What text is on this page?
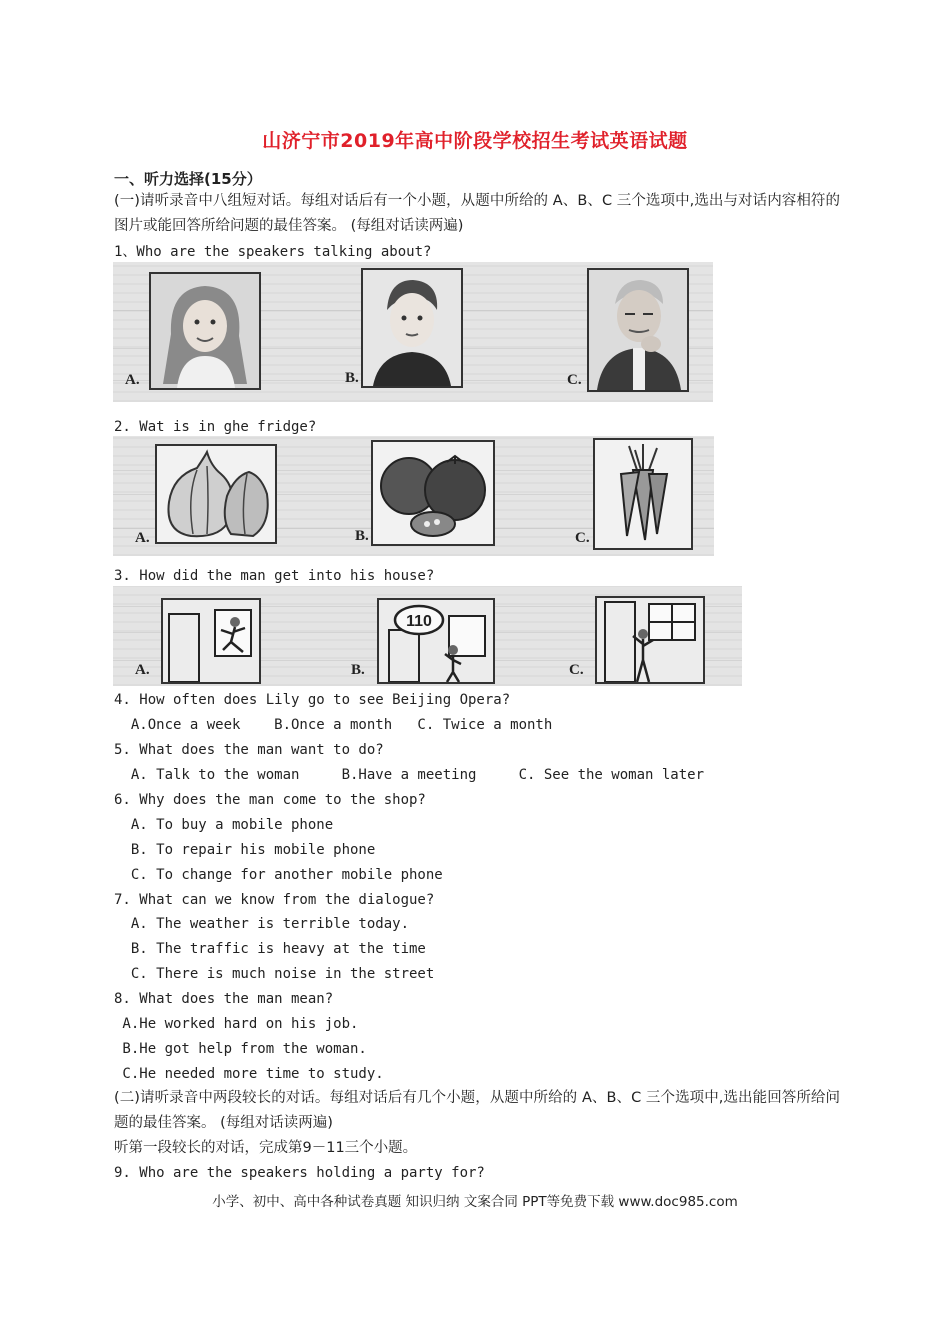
山济宁市2019年高中阶段学校招生考试英语试题
一、听力选择(15分）
(一)请听录音中八组短对话。每组对话后有一个小题，从题中所给的 A、B、C 三个选项中,选出与对话内容相符的图片或能回答所给问题的最佳答案。 (每组对话读两遍)
1、Who are the speakers talking about?
A.	B.	C.
2. Wat is in ghe fridge?
A.	B.	C.
3. How did the man get into his house?
110
A.	B.	C.
4. How often does Lily go to see Beijing Opera?
A.Once a week    B.Once a month   C. Twice a month
5. What does the man want to do?
A. Talk to the woman     B.Have a meeting     C. See the woman later
6. Why does the man come to the shop?
A. To buy a mobile phone
B. To repair his mobile phone
C. To change for another mobile phone
7. What can we know from the dialogue?
A. The weather is terrible today.
B. The traffic is heavy at the time
C. There is much noise in the street
8. What does the man mean?
A.He worked hard on his job.
B.He got help from the woman.
C.He needed more time to study.
(二)请听录音中两段较长的对话。每组对话后有几个小题，从题中所给的 A、B、C 三个选项中,选出能回答所给问题的最佳答案。 (每组对话读两遍)
听第一段较长的对话，完成第9－11三个小题。
9. Who are the speakers holding a party for?
小学、初中、高中各种试卷真题 知识归纳 文案合同 PPT等免费下载 www.doc985.com
